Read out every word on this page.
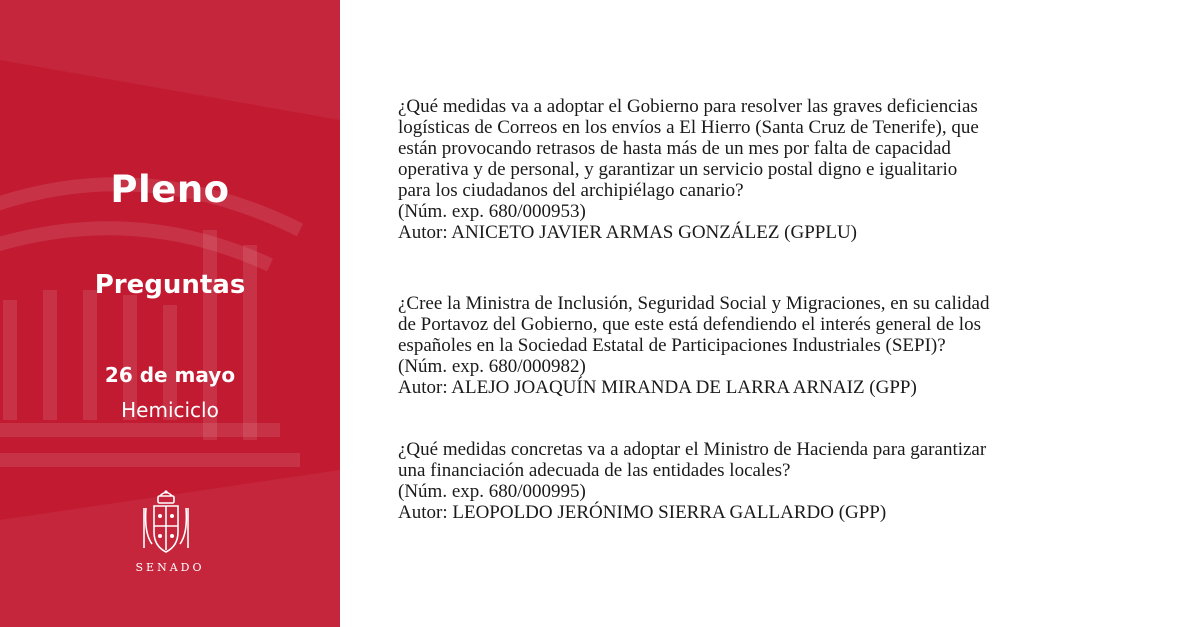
Pleno
Preguntas
26 de mayo
Hemiciclo
SENADO
¿Qué medidas va a adoptar el Gobierno para resolver las graves deficiencias
logísticas de Correos en los envíos a El Hierro (Santa Cruz de Tenerife), que
están provocando retrasos de hasta más de un mes por falta de capacidad
operativa y de personal, y garantizar un servicio postal digno e igualitario
para los ciudadanos del archipiélago canario?
(Núm. exp. 680/000953)
Autor: ANICETO JAVIER ARMAS GONZÁLEZ (GPPLU)
¿Cree la Ministra de Inclusión, Seguridad Social y Migraciones, en su calidad
de Portavoz del Gobierno, que este está defendiendo el interés general de los
españoles en la Sociedad Estatal de Participaciones Industriales (SEPI)?
(Núm. exp. 680/000982)
Autor: ALEJO JOAQUÍN MIRANDA DE LARRA ARNAIZ (GPP)
¿Qué medidas concretas va a adoptar el Ministro de Hacienda para garantizar
una financiación adecuada de las entidades locales?
(Núm. exp. 680/000995)
Autor: LEOPOLDO JERÓNIMO SIERRA GALLARDO (GPP)
